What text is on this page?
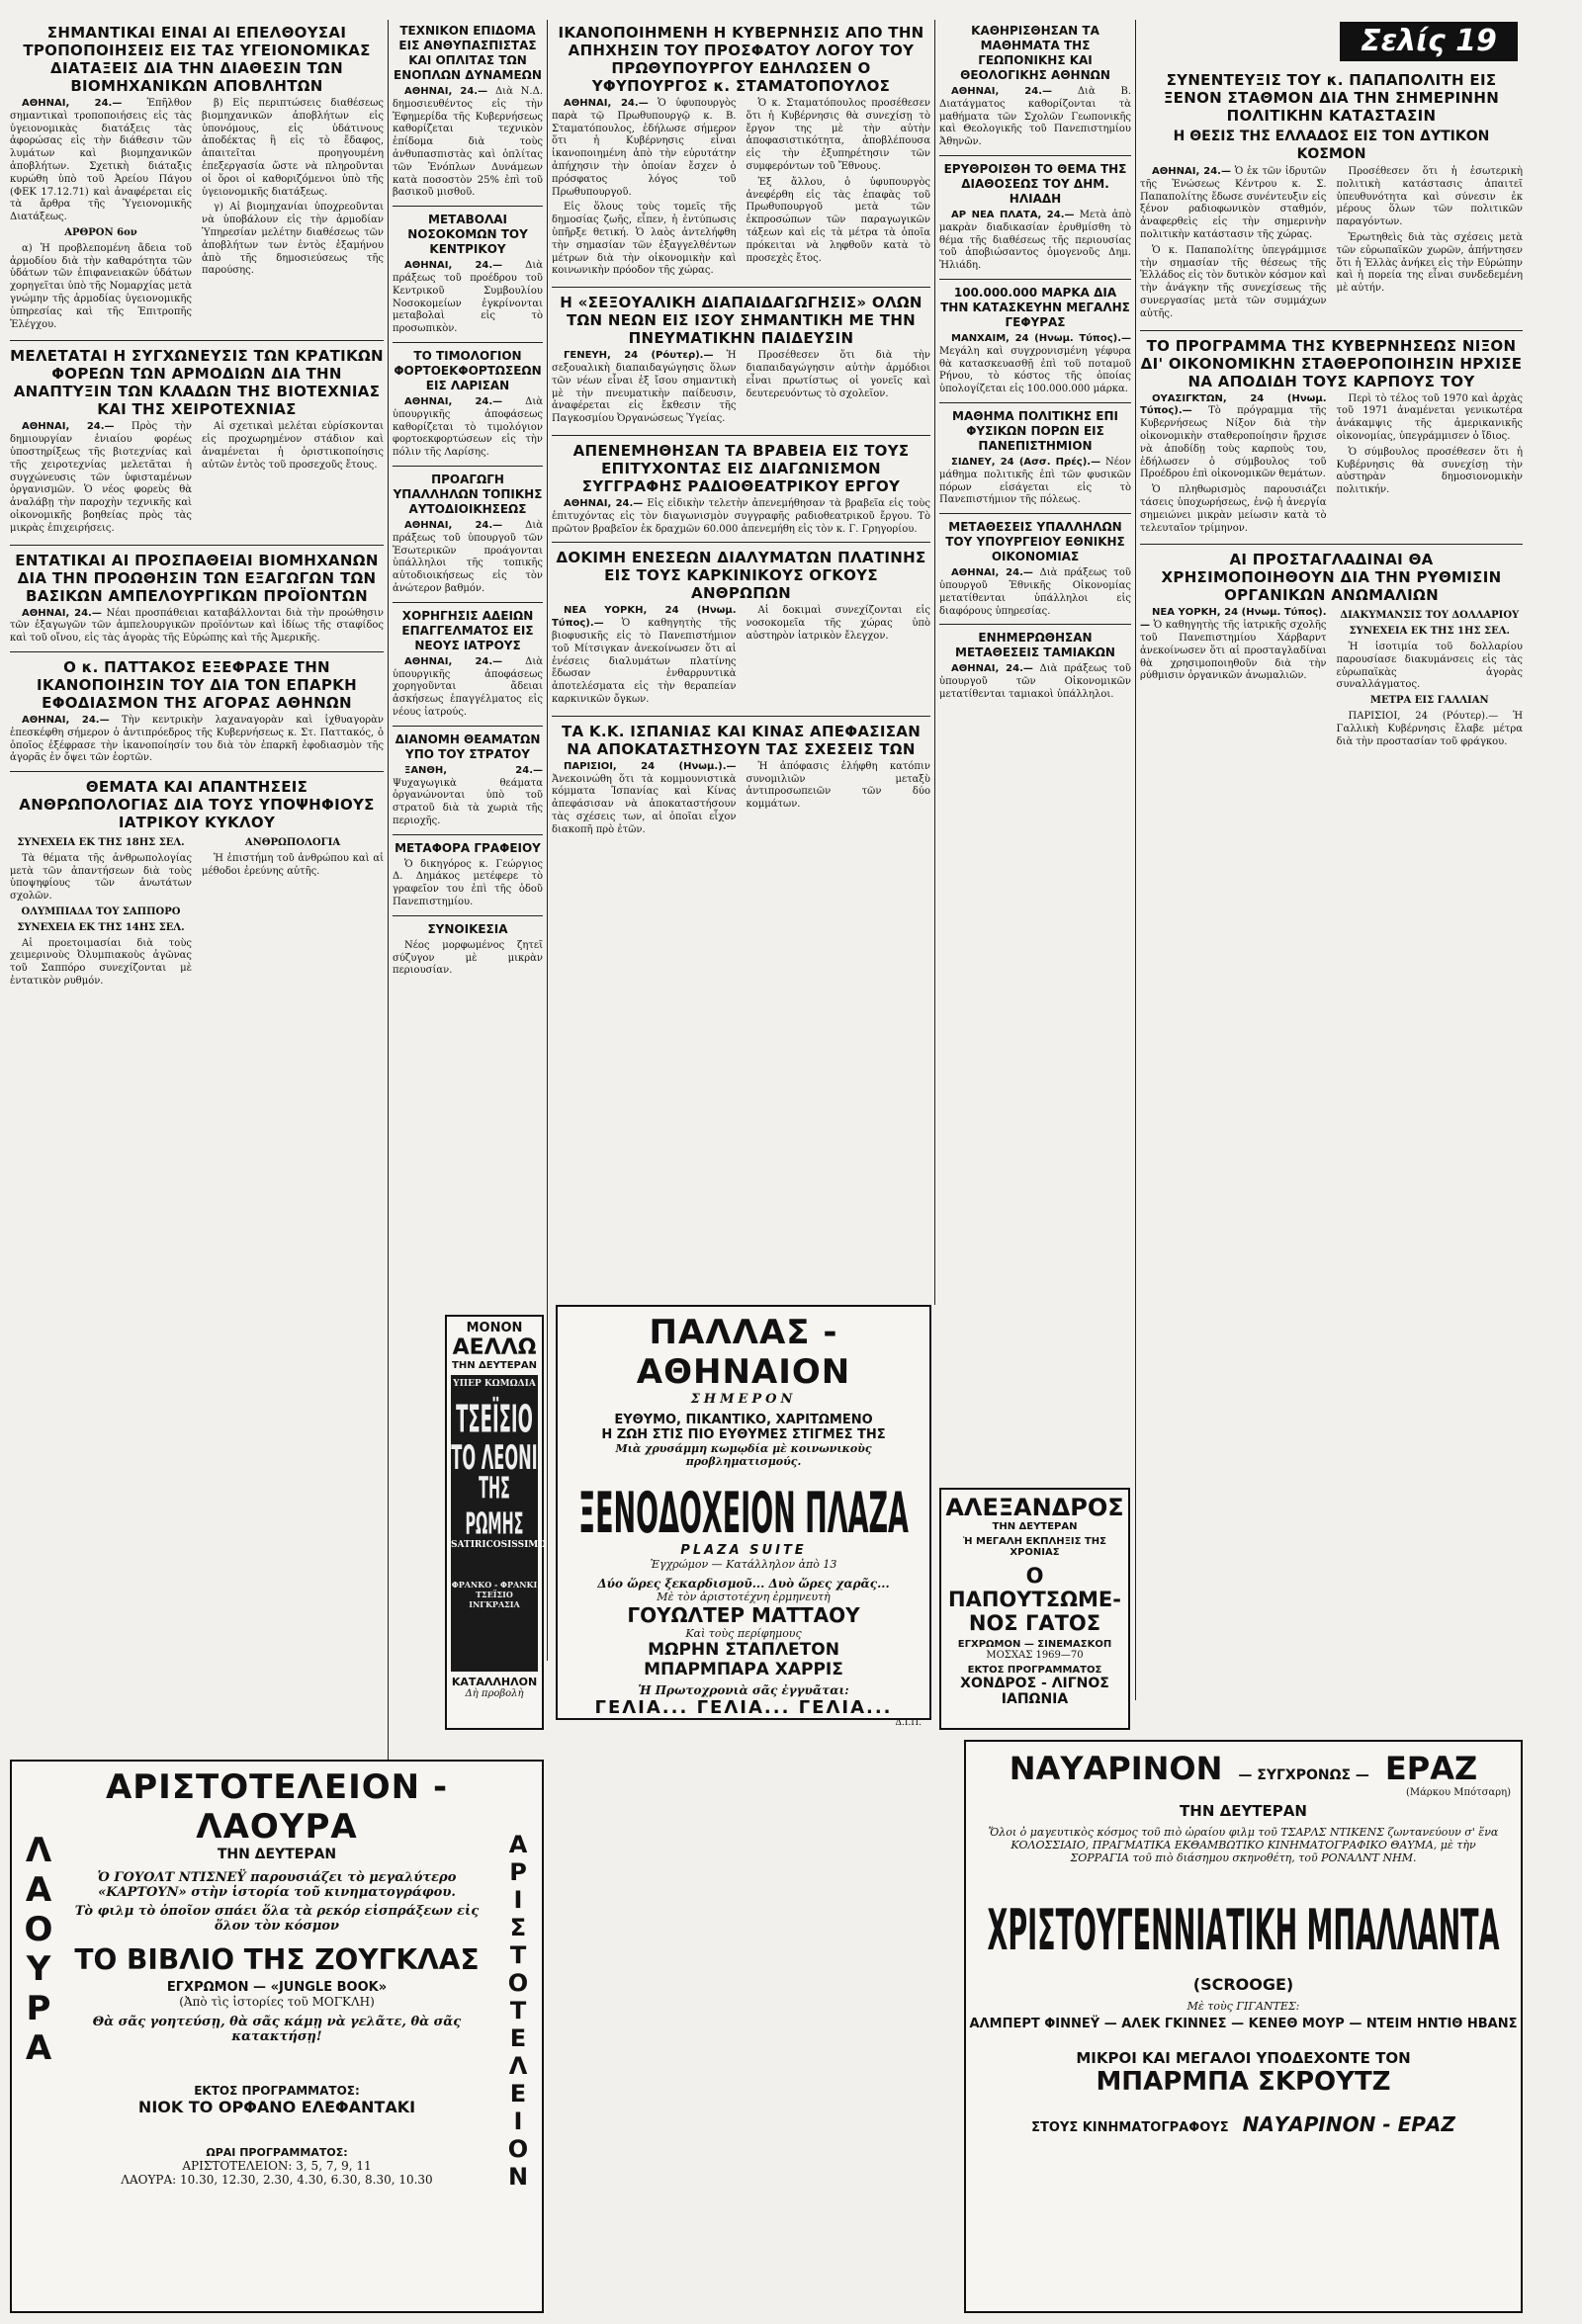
ΣΗΜΑΝΤΙΚΑΙ ΕΙΝΑΙ ΑΙ ΕΠΕΛΘΟΥΣΑΙ ΤΡΟΠΟΠΟΙΗΣΕΙΣ ΕΙΣ ΤΑΣ ΥΓΕΙΟΝΟΜΙΚΑΣ ΔΙΑΤΑΞΕΙΣ ΔΙΑ ΤΗΝ ΔΙΑΘΕΣΙΝ ΤΩΝ ΒΙΟΜΗΧΑΝΙΚΩΝ ΑΠΟΒΛΗΤΩΝ

ΑΘΗΝΑΙ, 24.—	Ἐπῆλθον σημαντικαὶ τροποποιήσεις εἰς τὰς ὑγειονομικὰς διατάξεις τὰς ἀφορώσας εἰς τὴν διάθεσιν τῶν λυμάτων καὶ βιομηχανικῶν ἀποβλήτων. Σχετικὴ διάταξις κυρώθη ὑπὸ τοῦ Ἀρείου Πάγου (ΦΕΚ 17.12.71) καὶ ἀναφέρεται εἰς τὰ ἄρθρα τῆς Ὑγειονομικῆς Διατάξεως.

ΑΡΘΡΟΝ 6ον

α) Ἡ προβλεπομένη ἄδεια τοῦ ἀρμοδίου διὰ τὴν καθαρότητα τῶν ὑδάτων τῶν ἐπιφανειακῶν ὑδάτων χορηγεῖται ὑπὸ τῆς Νομαρχίας μετὰ γνώμην τῆς ἁρμοδίας ὑγειονομικῆς ὑπηρεσίας καὶ τῆς Ἐπιτροπῆς Ἐλέγχου.

β) Εἰς περιπτώσεις διαθέσεως βιομηχανικῶν ἀποβλήτων εἰς ὑπονόμους, εἰς ὑδάτινους ἀποδέκτας ἢ εἰς τὸ ἔδαφος, ἀπαιτεῖται προηγουμένη ἐπεξεργασία ὥστε νὰ πληροῦνται οἱ ὅροι οἱ καθοριζόμενοι ὑπὸ τῆς ὑγειονομικῆς διατάξεως.

γ) Αἱ βιομηχανίαι ὑποχρεοῦνται νὰ ὑποβάλουν εἰς τὴν ἁρμοδίαν Ὑπηρεσίαν μελέτην διαθέσεως τῶν ἀποβλήτων των ἐντὸς ἑξαμήνου ἀπὸ τῆς δημοσιεύσεως τῆς παρούσης.

ΜΕΛΕΤΑΤΑΙ Η ΣΥΓΧΩΝΕΥΣΙΣ ΤΩΝ ΚΡΑΤΙΚΩΝ ΦΟΡΕΩΝ ΤΩΝ ΑΡΜΟΔΙΩΝ ΔΙΑ ΤΗΝ ΑΝΑΠΤΥΞΙΝ ΤΩΝ ΚΛΑΔΩΝ ΤΗΣ ΒΙΟΤΕΧΝΙΑΣ ΚΑΙ ΤΗΣ ΧΕΙΡΟΤΕΧΝΙΑΣ

ΑΘΗΝΑΙ, 24.— Πρὸς τὴν δημιουργίαν ἑνιαίου φορέως ὑποστηρίξεως τῆς βιοτεχνίας καὶ τῆς χειροτεχνίας μελετᾶται ἡ συγχώνευσις τῶν ὑφισταμένων ὀργανισμῶν. Ὁ νέος φορεὺς θὰ ἀναλάβῃ τὴν παροχὴν τεχνικῆς καὶ οἰκονομικῆς βοηθείας πρὸς τὰς μικρὰς ἐπιχειρήσεις.

Αἱ σχετικαὶ μελέται εὑρίσκονται εἰς προχωρημένον στάδιον καὶ ἀναμένεται ἡ ὁριστικοποίησις αὐτῶν ἐντὸς τοῦ προσεχοῦς ἔτους.

ΕΝΤΑΤΙΚΑΙ ΑΙ ΠΡΟΣΠΑΘΕΙΑΙ ΒΙΟΜΗΧΑΝΩΝ ΔΙΑ ΤΗΝ ΠΡΟΩΘΗΣΙΝ ΤΩΝ ΕΞΑΓΩΓΩΝ ΤΩΝ ΒΑΣΙΚΩΝ ΑΜΠΕΛΟΥΡΓΙΚΩΝ ΠΡΟΪΟΝΤΩΝ

ΑΘΗΝΑΙ, 24.— Νέαι προσπάθειαι καταβάλλονται διὰ τὴν προώθησιν τῶν ἐξαγωγῶν τῶν ἀμπελουργικῶν προϊόντων καὶ ἰδίως τῆς σταφίδος καὶ τοῦ οἴνου, εἰς τὰς ἀγορὰς τῆς Εὐρώπης καὶ τῆς Ἀμερικῆς.

Ο κ. ΠΑΤΤΑΚΟΣ ΕΞΕΦΡΑΣΕ ΤΗΝ ΙΚΑΝΟΠΟΙΗΣΙΝ ΤΟΥ ΔΙΑ ΤΟΝ ΕΠΑΡΚΗ ΕΦΟΔΙΑΣΜΟΝ ΤΗΣ ΑΓΟΡΑΣ ΑΘΗΝΩΝ

ΑΘΗΝΑΙ, 24.— Τὴν κεντρικὴν λαχαναγορὰν καὶ ἰχθυαγορὰν ἐπεσκέφθη σήμερον ὁ ἀντιπρόεδρος τῆς Κυβερνήσεως κ. Στ. Παττακός, ὁ ὁποῖος ἐξέφρασε τὴν ἱκανοποίησίν του διὰ τὸν ἐπαρκῆ ἐφοδιασμὸν τῆς ἀγορᾶς ἐν ὄψει τῶν ἑορτῶν.

ΘΕΜΑΤΑ ΚΑΙ ΑΠΑΝΤΗΣΕΙΣ ΑΝΘΡΩΠΟΛΟΓΙΑΣ ΔΙΑ ΤΟΥΣ ΥΠΟΨΗΦΙΟΥΣ ΙΑΤΡΙΚΟΥ ΚΥΚΛΟΥ

ΣΥΝΕΧΕΙΑ ΕΚ ΤΗΣ 18ΗΣ ΣΕΛ.

Τὰ θέματα τῆς ἀνθρωπολογίας μετὰ τῶν ἀπαντήσεων διὰ τοὺς ὑποψηφίους τῶν ἀνωτάτων σχολῶν.

ΟΛΥΜΠΙΑΔΑ ΤΟΥ ΣΑΠΠΟΡΟ

ΣΥΝΕΧΕΙΑ ΕΚ ΤΗΣ 14ΗΣ ΣΕΛ.

Αἱ προετοιμασίαι διὰ τοὺς χειμερινοὺς Ὀλυμπιακοὺς ἀγῶνας τοῦ Σαππόρο συνεχίζονται μὲ ἐντατικὸν ρυθμόν.

ΑΝΘΡΩΠΟΛΟΓΙΑ

Ἡ ἐπιστήμη τοῦ ἀνθρώπου καὶ αἱ μέθοδοι ἐρεύνης αὐτῆς.

ΤΕΧΝΙΚΟΝ ΕΠΙΔΟΜΑ ΕΙΣ ΑΝΘΥΠΑΣΠΙΣΤΑΣ ΚΑΙ ΟΠΛΙΤΑΣ ΤΩΝ ΕΝΟΠΛΩΝ ΔΥΝΑΜΕΩΝ

ΑΘΗΝΑΙ, 24.— Διὰ Ν.Δ. δημοσιευθέντος εἰς τὴν Ἐφημερίδα τῆς Κυβερνήσεως καθορίζεται τεχνικὸν ἐπίδομα διὰ τοὺς ἀνθυπασπιστὰς καὶ ὁπλίτας τῶν Ἐνόπλων Δυνάμεων κατὰ ποσοστὸν 25% ἐπὶ τοῦ βασικοῦ μισθοῦ.

ΜΕΤΑΒΟΛΑΙ ΝΟΣΟΚΟΜΩΝ ΤΟΥ ΚΕΝΤΡΙΚΟΥ

ΑΘΗΝΑΙ, 24.— Διὰ πράξεως τοῦ προέδρου τοῦ Κεντρικοῦ Συμβουλίου Νοσοκομείων ἐγκρίνονται μεταβολαὶ εἰς τὸ προσωπικὸν.

ΤΟ ΤΙΜΟΛΟΓΙΟΝ ΦΟΡΤΟΕΚΦΟΡΤΩΣΕΩΝ ΕΙΣ ΛΑΡΙΣΑΝ

ΑΘΗΝΑΙ, 24.— Διὰ ὑπουργικῆς ἀποφάσεως καθορίζεται τὸ τιμολόγιον φορτοεκφορτώσεων εἰς τὴν πόλιν τῆς Λαρίσης.

ΠΡΟΑΓΩΓΗ ΥΠΑΛΛΗΛΩΝ ΤΟΠΙΚΗΣ ΑΥΤΟΔΙΟΙΚΗΣΕΩΣ

ΑΘΗΝΑΙ, 24.— Διὰ πράξεως τοῦ ὑπουργοῦ τῶν Ἐσωτερικῶν προάγονται ὑπάλληλοι τῆς τοπικῆς αὐτοδιοικήσεως εἰς τὸν ἀνώτερον βαθμόν.

ΧΟΡΗΓΗΣΙΣ ΑΔΕΙΩΝ ΕΠΑΓΓΕΛΜΑΤΟΣ ΕΙΣ ΝΕΟΥΣ ΙΑΤΡΟΥΣ

ΑΘΗΝΑΙ, 24.— Διὰ ὑπουργικῆς ἀποφάσεως χορηγοῦνται ἄδειαι ἀσκήσεως ἐπαγγέλματος εἰς νέους ἰατρούς.

ΔΙΑΝΟΜΗ ΘΕΑΜΑΤΩΝ ΥΠΟ ΤΟΥ ΣΤΡΑΤΟΥ

ΞΑΝΘΗ, 24.— Ψυχαγωγικὰ θεάματα ὀργανώνονται ὑπὸ τοῦ στρατοῦ διὰ τὰ χωριὰ τῆς περιοχῆς.

ΜΕΤΑΦΟΡΑ ΓΡΑΦΕΙΟΥ

Ὁ δικηγόρος κ. Γεώργιος Δ. Δημάκος μετέφερε τὸ γραφεῖον του ἐπὶ τῆς ὁδοῦ Πανεπιστημίου.

ΣΥΝΟΙΚΕΣΙΑ

Νέος μορφωμένος ζητεῖ σύζυγον μὲ μικρὰν περιουσίαν.

ΜΟΝΟΝ
ΑΕΛΛΩ
ΤΗΝ ΔΕΥΤΕΡΑΝ
ΥΠΕΡ ΚΩΜΩΔΙΑ
ΤΣΕΪΣΙΟ
ΤΟ ΛΕΟΝΙ
ΤΗΣ ΡΩΜΗΣ
SATIRICOSISSIMO
ΦΡΑΝΚΟ - ΦΡΑΝΚΙ
ΤΣΕΪΣΙΟ ΙΝΓΚΡΑΣΙΑ
ΚΑΤΑΛΛΗΛΟΝ
Δὴ προβολὴ
ΙΚΑΝΟΠΟΙΗΜΕΝΗ Η ΚΥΒΕΡΝΗΣΙΣ ΑΠΟ ΤΗΝ ΑΠΗΧΗΣΙΝ ΤΟΥ ΠΡΟΣΦΑΤΟΥ ΛΟΓΟΥ ΤΟΥ ΠΡΩΘΥΠΟΥΡΓΟΥ ΕΔΗΛΩΣΕΝ Ο ΥΦΥΠΟΥΡΓΟΣ κ. ΣΤΑΜΑΤΟΠΟΥΛΟΣ

ΑΘΗΝΑΙ, 24.— Ὁ ὑφυπουργὸς παρὰ τῷ Πρωθυπουργῷ κ. Β. Σταματόπουλος, ἐδήλωσε σήμερον ὅτι ἡ Κυβέρνησις εἶναι ἱκανοποιημένη ἀπὸ τὴν εὐρυτάτην ἀπήχησιν τὴν ὁποίαν ἔσχεν ὁ πρόσφατος λόγος τοῦ Πρωθυπουργοῦ.

Εἰς ὅλους τοὺς τομεῖς τῆς δημοσίας ζωῆς, εἶπεν, ἡ ἐντύπωσις ὑπῆρξε θετική. Ὁ λαὸς ἀντελήφθη τὴν σημασίαν τῶν ἐξαγγελθέντων μέτρων διὰ τὴν οἰκονομικὴν καὶ κοινωνικὴν πρόοδον τῆς χώρας.

Ὁ κ. Σταματόπουλος προσέθεσεν ὅτι ἡ Κυβέρνησις θὰ συνεχίσῃ τὸ ἔργον της μὲ τὴν αὐτὴν ἀποφασιστικότητα, ἀποβλέπουσα εἰς τὴν ἐξυπηρέτησιν τῶν συμφερόντων τοῦ Ἔθνους.

Ἐξ ἄλλου, ὁ ὑφυπουργὸς ἀνεφέρθη εἰς τὰς ἐπαφὰς τοῦ Πρωθυπουργοῦ μετὰ τῶν ἐκπροσώπων τῶν παραγωγικῶν τάξεων καὶ εἰς τὰ μέτρα τὰ ὁποῖα πρόκειται νὰ ληφθοῦν κατὰ τὸ προσεχὲς ἔτος.

Η «ΣΕΞΟΥΑΛΙΚΗ ΔΙΑΠΑΙΔΑΓΩΓΗΣΙΣ» ΟΛΩΝ ΤΩΝ ΝΕΩΝ ΕΙΣ ΙΣΟΥ ΣΗΜΑΝΤΙΚΗ ΜΕ ΤΗΝ ΠΝΕΥΜΑΤΙΚΗΝ ΠΑΙΔΕΥΣΙΝ

ΓΕΝΕΥΗ, 24 (Ρόυτερ).— Ἡ σεξουαλικὴ διαπαιδαγώγησις ὅλων τῶν νέων εἶναι ἐξ ἴσου σημαντικὴ μὲ τὴν πνευματικὴν παίδευσιν, ἀναφέρεται εἰς ἔκθεσιν τῆς Παγκοσμίου Ὀργανώσεως Ὑγείας.

Προσέθεσεν ὅτι διὰ τὴν διαπαιδαγώγησιν αὐτὴν ἁρμόδιοι εἶναι πρωτίστως οἱ γονεῖς καὶ δευτερευόντως τὸ σχολεῖον.

ΑΠΕΝΕΜΗΘΗΣΑΝ ΤΑ ΒΡΑΒΕΙΑ ΕΙΣ ΤΟΥΣ ΕΠΙΤΥΧΟΝΤΑΣ ΕΙΣ ΔΙΑΓΩΝΙΣΜΟΝ ΣΥΓΓΡΑΦΗΣ ΡΑΔΙΟΘΕΑΤΡΙΚΟΥ ΕΡΓΟΥ

ΑΘΗΝΑΙ, 24.— Εἰς εἰδικὴν τελετὴν ἀπενεμήθησαν τὰ βραβεῖα εἰς τοὺς ἐπιτυχόντας εἰς τὸν διαγωνισμὸν συγγραφῆς ραδιοθεατρικοῦ ἔργου. Τὸ πρῶτον βραβεῖον ἐκ δραχμῶν 60.000 ἀπενεμήθη εἰς τὸν κ. Γ. Γρηγορίου.

ΔΟΚΙΜΗ ΕΝΕΣΕΩΝ ΔΙΑΛΥΜΑΤΩΝ ΠΛΑΤΙΝΗΣ ΕΙΣ ΤΟΥΣ ΚΑΡΚΙΝΙΚΟΥΣ ΟΓΚΟΥΣ ΑΝΘΡΩΠΩΝ

ΝΕΑ ΥΟΡΚΗ, 24 (Ηνωμ. Τύπος).— Ὁ καθηγητὴς τῆς βιοφυσικῆς εἰς τὸ Πανεπιστήμιον τοῦ Μίτσιγκαν ἀνεκοίνωσεν ὅτι αἱ ἐνέσεις διαλυμάτων πλατίνης ἔδωσαν ἐνθαρρυντικὰ ἀποτελέσματα εἰς τὴν θεραπείαν καρκινικῶν ὄγκων.

Αἱ δοκιμαὶ συνεχίζονται εἰς νοσοκομεῖα τῆς χώρας ὑπὸ αὐστηρὸν ἰατρικὸν ἔλεγχον.

ΤΑ Κ.Κ. ΙΣΠΑΝΙΑΣ ΚΑΙ ΚΙΝΑΣ ΑΠΕΦΑΣΙΣΑΝ ΝΑ ΑΠΟΚΑΤΑΣΤΗΣΟΥΝ ΤΑΣ ΣΧΕΣΕΙΣ ΤΩΝ

ΠΑΡΙΣΙΟΙ, 24 (Ηνωμ.).— Ἀνεκοινώθη ὅτι τὰ κομμουνιστικὰ κόμματα Ἰσπανίας καὶ Κίνας ἀπεφάσισαν νὰ ἀποκαταστήσουν τὰς σχέσεις των, αἱ ὁποῖαι εἶχον διακοπῆ πρὸ ἐτῶν.

Ἡ ἀπόφασις ἐλήφθη κατόπιν συνομιλιῶν μεταξὺ ἀντιπροσωπειῶν τῶν δύο κομμάτων.

ΠΑΛΛΑΣ - ΑΘΗΝΑΙΟΝ
ΣΗΜΕΡΟΝ
ΕΥΘΥΜΟ, ΠΙΚΑΝΤΙΚΟ, ΧΑΡΙΤΩΜΕΝΟ
Η ΖΩΗ ΣΤΙΣ ΠΙΟ ΕΥΘΥΜΕΣ ΣΤΙΓΜΕΣ ΤΗΣ
Μιὰ χρυσάμμη κωμῳδία μὲ κοινωνικοὺς προβληματισμούς.
ΞΕΝΟΔΟΧΕΙΟΝ ΠΛΑΖΑ
PLAZA SUITE
Ἐγχρώμον — Κατάλληλον ἀπὸ 13
Δύο ὥρες ξεκαρδισμοῦ... Δυὸ ὥρες χαρᾶς...
Μὲ τὸν ἀριστοτέχνη ἐρμηνευτὴ
ΓΟΥΩΛΤΕΡ ΜΑΤΤΑΟΥ
Καὶ τοὺς περίφημους
ΜΩΡΗΝ ΣΤΑΠΛΕΤΟΝ
ΜΠΑΡΜΠΑΡΑ ΧΑΡΡΙΣ
Ἡ Πρωτοχρονιὰ σᾶς ἐγγυᾶται:
ΓΕΛΙΑ... ΓΕΛΙΑ... ΓΕΛΙΑ...
Δ.Ι.Π.
ΚΑΘΗΡΙΣΘΗΣΑΝ ΤΑ ΜΑΘΗΜΑΤΑ ΤΗΣ ΓΕΩΠΟΝΙΚΗΣ ΚΑΙ ΘΕΟΛΟΓΙΚΗΣ ΑΘΗΝΩΝ

ΑΘΗΝΑΙ, 24.—	Διὰ Β. Διατάγματος καθορίζονται τὰ μαθήματα τῶν Σχολῶν Γεωπονικῆς καὶ Θεολογικῆς τοῦ Πανεπιστημίου Ἀθηνῶν.

ΕΡΥΘΡΟΙΣΘΗ ΤΟ ΘΕΜΑ ΤΗΣ ΔΙΑΘΟΣΕΩΣ ΤΟΥ ΔΗΜ. ΗΛΙΑΔΗ

ΑΡ ΝΕΑ ΠΛΑΤΑ, 24.— Μετὰ ἀπὸ μακρὰν διαδικασίαν ἐρυθμίσθη τὸ θέμα τῆς διαθέσεως τῆς περιουσίας τοῦ ἀποβιώσαντος ὁμογενοῦς Δημ. Ἠλιάδη.

100.000.000 ΜΑΡΚΑ ΔΙΑ ΤΗΝ ΚΑΤΑΣΚΕΥΗΝ ΜΕΓΑΛΗΣ ΓΕΦΥΡΑΣ

ΜΑΝΧΑΙΜ, 24 (Ηνωμ. Τύπος).— Μεγάλη καὶ συγχρονισμένη γέφυρα θὰ κατασκευασθῇ ἐπὶ τοῦ ποταμοῦ Ρήνου, τὸ κόστος τῆς ὁποίας ὑπολογίζεται εἰς 100.000.000 μάρκα.

ΜΑΘΗΜΑ ΠΟΛΙΤΙΚΗΣ ΕΠΙ ΦΥΣΙΚΩΝ ΠΟΡΩΝ ΕΙΣ ΠΑΝΕΠΙΣΤΗΜΙΟΝ

ΣΙΔΝΕΥ, 24 (Ασσ. Πρές).— Νέον μάθημα πολιτικῆς ἐπὶ τῶν φυσικῶν πόρων εἰσάγεται εἰς τὸ Πανεπιστήμιον τῆς πόλεως.

ΜΕΤΑΘΕΣΕΙΣ ΥΠΑΛΛΗΛΩΝ ΤΟΥ ΥΠΟΥΡΓΕΙΟΥ ΕΘΝΙΚΗΣ ΟΙΚΟΝΟΜΙΑΣ

ΑΘΗΝΑΙ, 24.— Διὰ πράξεως τοῦ ὑπουργοῦ Ἐθνικῆς Οἰκονομίας μετατίθενται ὑπάλληλοι εἰς διαφόρους ὑπηρεσίας.

ΕΝΗΜΕΡΩΘΗΣΑΝ ΜΕΤΑΘΕΣΕΙΣ ΤΑΜΙΑΚΩΝ

ΑΘΗΝΑΙ, 24.— Διὰ πράξεως τοῦ ὑπουργοῦ τῶν Οἰκονομικῶν μετατίθενται ταμιακοὶ ὑπάλληλοι.

ΑΛΕΞΑΝΔΡΟΣ
ΤΗΝ ΔΕΥΤΕΡΑΝ
Ἡ ΜΕΓΑΛΗ ΕΚΠΛΗΞΙΣ ΤΗΣ ΧΡΟΝΙΑΣ
Ο ΠΑΠΟΥΤΣΩΜΕ-
ΝΟΣ ΓΑΤΟΣ
ΕΓΧΡΩΜΟΝ — ΣΙΝΕΜΑΣΚΟΠ
ΜΟΣΧΑΣ 1969—70
ΕΚΤΟΣ ΠΡΟΓΡΑΜΜΑΤΟΣ
ΧΟΝΔΡΟΣ - ΛΙΓΝΟΣ
ΙΑΠΩΝΙΑ
Σελίς 19
ΣΥΝΕΝΤΕΥΞΙΣ ΤΟΥ κ. ΠΑΠΑΠΟΛΙΤΗ ΕΙΣ ΞΕΝΟΝ ΣΤΑΘΜΟΝ ΔΙΑ ΤΗΝ ΣΗΜΕΡΙΝΗΝ ΠΟΛΙΤΙΚΗΝ ΚΑΤΑΣΤΑΣΙΝ
Η ΘΕΣΙΣ ΤΗΣ ΕΛΛΑΔΟΣ ΕΙΣ ΤΟΝ ΔΥΤΙΚΟΝ ΚΟΣΜΟΝ

ΑΘΗΝΑΙ, 24.— Ὁ ἐκ τῶν ἱδρυτῶν τῆς Ἑνώσεως Κέντρου κ. Σ. Παπαπολίτης ἔδωσε συνέντευξιν εἰς ξένον ραδιοφωνικὸν σταθμόν, ἀναφερθεὶς εἰς τὴν σημερινὴν πολιτικὴν κατάστασιν τῆς χώρας.

Ὁ κ. Παπαπολίτης ὑπεγράμμισε τὴν σημασίαν τῆς θέσεως τῆς Ἑλλάδος εἰς τὸν δυτικὸν κόσμον καὶ τὴν ἀνάγκην τῆς συνεχίσεως τῆς συνεργασίας μετὰ τῶν συμμάχων αὐτῆς.

Προσέθεσεν ὅτι ἡ ἐσωτερικὴ πολιτικὴ κατάστασις ἀπαιτεῖ ὑπευθυνότητα καὶ σύνεσιν ἐκ μέρους ὅλων τῶν πολιτικῶν παραγόντων.

Ἐρωτηθεὶς διὰ τὰς σχέσεις μετὰ τῶν εὐρωπαϊκῶν χωρῶν, ἀπήντησεν ὅτι ἡ Ἑλλὰς ἀνήκει εἰς τὴν Εὐρώπην καὶ ἡ πορεία της εἶναι συνδεδεμένη μὲ αὐτήν.

ΤΟ ΠΡΟΓΡΑΜΜΑ ΤΗΣ ΚΥΒΕΡΝΗΣΕΩΣ ΝΙΞΟΝ ΔΙ' ΟΙΚΟΝΟΜΙΚΗΝ ΣΤΑΘΕΡΟΠΟΙΗΣΙΝ ΗΡΧΙΣΕ ΝΑ ΑΠΟΔΙΔΗ ΤΟΥΣ ΚΑΡΠΟΥΣ ΤΟΥ

ΟΥΑΣΙΓΚΤΩΝ, 24 (Ηνωμ. Τύπος).— Τὸ πρόγραμμα τῆς Κυβερνήσεως Νίξον διὰ τὴν οἰκονομικὴν σταθεροποίησιν ἤρχισε νὰ ἀποδίδῃ τοὺς καρποὺς του, ἐδήλωσεν ὁ σύμβουλος τοῦ Προέδρου ἐπὶ οἰκονομικῶν θεμάτων.

Ὁ πληθωρισμὸς παρουσιάζει τάσεις ὑποχωρήσεως, ἐνῷ ἡ ἀνεργία σημειώνει μικρὰν μείωσιν κατὰ τὸ τελευταῖον τρίμηνον.

Περὶ τὸ τέλος τοῦ 1970 καὶ ἀρχὰς τοῦ 1971 ἀναμένεται γενικωτέρα ἀνάκαμψις τῆς ἀμερικανικῆς οἰκονομίας, ὑπεγράμμισεν ὁ ἴδιος.

Ὁ σύμβουλος προσέθεσεν ὅτι ἡ Κυβέρνησις θὰ συνεχίσῃ τὴν αὐστηρὰν δημοσιονομικὴν πολιτικήν.

ΑΙ ΠΡΟΣΤΑΓΛΑΔΙΝΑΙ ΘΑ ΧΡΗΣΙΜΟΠΟΙΗΘΟΥΝ ΔΙΑ ΤΗΝ ΡΥΘΜΙΣΙΝ ΟΡΓΑΝΙΚΩΝ ΑΝΩΜΑΛΙΩΝ

ΝΕΑ ΥΟΡΚΗ, 24 (Ηνωμ. Τύπος).— Ὁ καθηγητὴς τῆς ἰατρικῆς σχολῆς τοῦ Πανεπιστημίου Χάρβαρντ ἀνεκοίνωσεν ὅτι αἱ προσταγλαδίναι θὰ χρησιμοποιηθοῦν διὰ τὴν ρύθμισιν ὀργανικῶν ἀνωμαλιῶν.

ΔΙΑΚΥΜΑΝΣΙΣ ΤΟΥ ΔΟΛΛΑΡΙΟΥ

ΣΥΝΕΧΕΙΑ ΕΚ ΤΗΣ 1ΗΣ ΣΕΛ.

Ἡ ἰσοτιμία τοῦ δολλαρίου παρουσίασε διακυμάνσεις εἰς τὰς εὐρωπαϊκὰς ἀγορὰς συναλλάγματος.

ΜΕΤΡΑ ΕΙΣ ΓΑΛΛΙΑΝ

ΠΑΡΙΣΙΟΙ, 24 (Ρόυτερ).— Ἡ Γαλλικὴ Κυβέρνησις ἔλαβε μέτρα διὰ τὴν προστασίαν τοῦ φράγκου.

ΛΑΟΥΡΑ	ΑΡΙΣΤΟΤΕΛΕΙΟΝ
ΑΡΙΣΤΟΤΕΛΕΙΟΝ - ΛΑΟΥΡΑ
ΤΗΝ ΔΕΥΤΕΡΑΝ
Ὁ ΓΟΥΟΛΤ ΝΤΙΣΝΕΫ παρουσιάζει τὸ μεγαλύτερο «ΚΑΡΤΟΥΝ» στὴν ἱστορία τοῦ κινηματογράφου.
Τὸ φιλμ τὸ ὁποῖον σπάει ὅλα τὰ ρεκόρ εἰσπράξεων εἰς ὅλον τὸν κόσμον
ΤΟ ΒΙΒΛΙΟ ΤΗΣ ΖΟΥΓΚΛΑΣ
ΕΓΧΡΩΜΟΝ — «JUNGLE BOOK»
(Ἀπὸ τὶς ἱστορίες τοῦ ΜΟΓΚΛΗ)
Θὰ σᾶς γοητεύσῃ, θὰ σᾶς κάμῃ νὰ γελᾶτε, θὰ σᾶς κατακτήσῃ!
ΕΚΤΟΣ ΠΡΟΓΡΑΜΜΑΤΟΣ:
ΝΙΟΚ ΤΟ ΟΡΦΑΝΟ ΕΛΕΦΑΝΤΑΚΙ
ΩΡΑΙ ΠΡΟΓΡΑΜΜΑΤΟΣ:
ΑΡΙΣΤΟΤΕΛΕΙΟΝ: 3, 5, 7, 9, 11
ΛΑΟΥΡΑ: 10.30, 12.30, 2.30, 4.30, 6.30, 8.30, 10.30
ΝΑΥΑΡΙΝΟΝ — ΣΥΓΧΡΟΝΩΣ — ΕΡΑΖ
(Μάρκου Μπότσαρη)
ΤΗΝ ΔΕΥΤΕΡΑΝ
Ὅλοι ὁ μαγευτικὸς κόσμος τοῦ πιὸ ὡραίου φιλμ τοῦ ΤΣΑΡΛΣ ΝΤΙΚΕΝΣ ζωντανεύουν σ' ἕνα ΚΟΛΟΣΣΙΑΙΟ, ΠΡΑΓΜΑΤΙΚΑ ΕΚΘΑΜΒΩΤΙΚΟ ΚΙΝΗΜΑΤΟΓΡΑΦΙΚΟ ΘΑΥΜΑ, μὲ τὴν ΣΟΡΡΑΓΙΑ τοῦ πιὸ διάσημου σκηνοθέτη, τοῦ ΡΟΝΑΛΝΤ ΝΗΜ.
ΧΡΙΣΤΟΥΓΕΝΝΙΑΤΙΚΗ ΜΠΑΛΛΑΝΤΑ
(SCROOGE)
Μὲ τοὺς ΓΙΓΑΝΤΕΣ:
ΑΛΜΠΕΡΤ ΦΙΝΝΕΫ — ΑΛΕΚ ΓΚΙΝΝΕΣ — ΚΕΝΕΘ ΜΟΥΡ — ΝΤΕΙΜ ΗΝΤΙΘ ΗΒΑΝΣ
ΜΙΚΡΟΙ ΚΑΙ ΜΕΓΑΛΟΙ ΥΠΟΔΕΧΟΝΤΕ ΤΟΝ
ΜΠΑΡΜΠΑ ΣΚΡΟΥΤΖ
ΣΤΟΥΣ ΚΙΝΗΜΑΤΟΓΡΑΦΟΥΣ ΝΑΥΑΡΙΝΟΝ - ΕΡΑΖ
